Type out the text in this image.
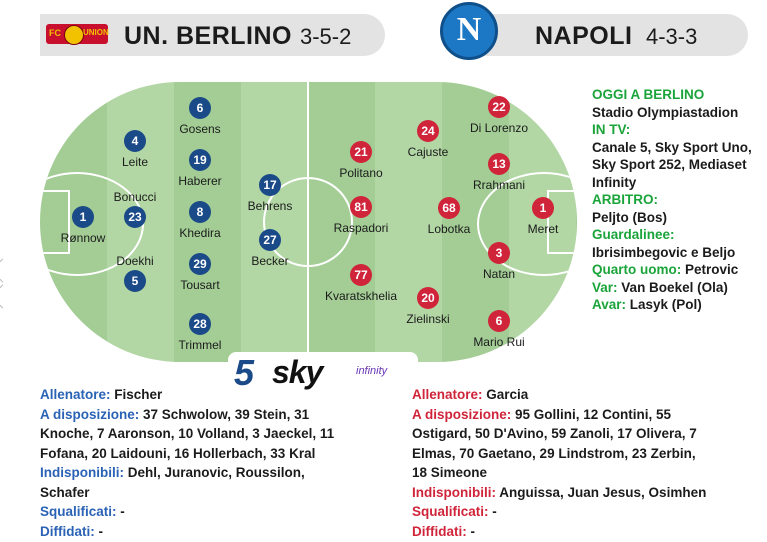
FC	UNION UN. BERLINO 3-5-2	N	NAPOLI 4-3-3
1
Rønnow
4
Leite
Bonucci
23
Doekhi
5
6
Gosens
19
Haberer
8
Khedira
29
Tousart
28
Trimmel
17
Behrens
27
Becker
21
Politano
81
Raspadori
77
Kvaratskhelia
24
Cajuste
68
Lobotka
20
Zielinski
22
Di Lorenzo
13
Rrahmani
3
Natan
6
Mario Rui
1
Meret
OGGI A BERLINO
Stadio Olympiastadion
IN TV:
Canale 5, Sky Sport Uno,
Sky Sport 252, Mediaset
Infinity
ARBITRO:
Peljto (Bos)
Guardalinee:
Ibrisimbegovic e Beljo
Quarto uomo: Petrovic
Var: Van Boekel (Ola)
Avar: Lasyk (Pol)
5 sky	infinity
Allenatore: Fischer
A disposizione: 37 Schwolow, 39 Stein, 31
Knoche, 7 Aaronson, 10 Volland, 3 Jaeckel, 11
Fofana, 20 Laidouni, 16 Hollerbach, 33 Kral
Indisponibili: Dehl, Juranovic, Roussilon,
Schafer
Squalificati: -
Diffidati: -
Allenatore: Garcia
A disposizione: 95 Gollini, 12 Contini, 55
Ostigard, 50 D'Avino, 59 Zanoli, 17 Olivera, 7
Elmas, 70 Gaetano, 29 Lindstrom, 23 Zerbin,
18 Simeone
Indisponibili: Anguissa, Juan Jesus, Osimhen
Squalificati: -
Diffidati: -
